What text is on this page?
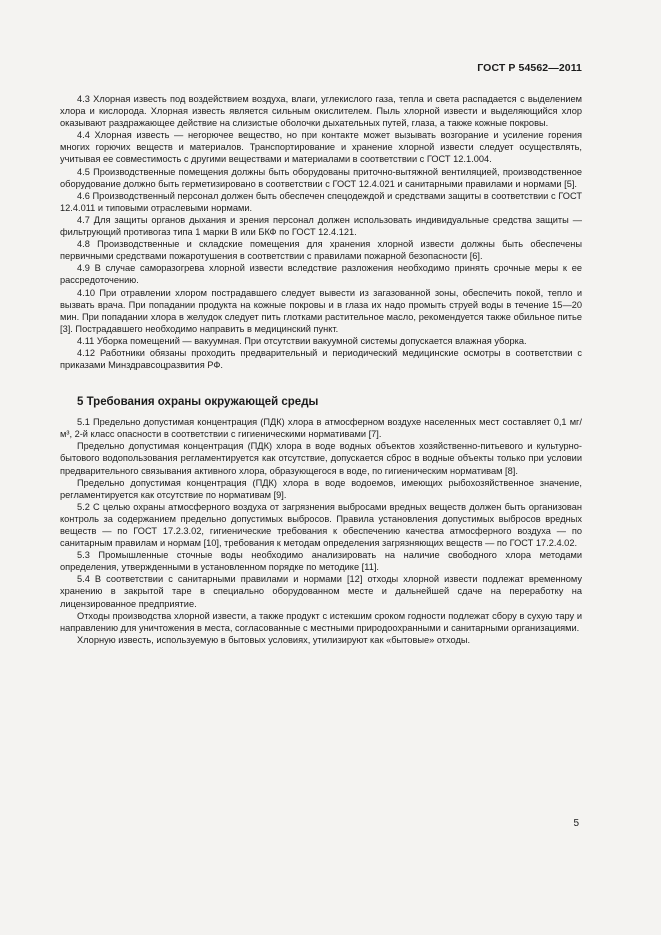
ГОСТ Р 54562—2011

4.3 Хлорная известь под воздействием воздуха, влаги, углекислого газа, тепла и света распадается с выделением хлора и кислорода. Хлорная известь является сильным окислителем. Пыль хлорной извести и выделяющийся хлор оказывают раздражающее действие на слизистые оболочки дыхательных путей, глаза, а также кожные покровы.

4.4 Хлорная известь — негорючее вещество, но при контакте может вызывать возгорание и усиление горения многих горючих веществ и материалов. Транспортирование и хранение хлорной извести следует осуществлять, учитывая ее совместимость с другими веществами и материалами в соответствии с ГОСТ 12.1.004.

4.5 Производственные помещения должны быть оборудованы приточно-вытяжной вентиляцией, производственное оборудование должно быть герметизировано в соответствии с ГОСТ 12.4.021 и санитарными правилами и нормами [5].

4.6 Производственный персонал должен быть обеспечен спецодеждой и средствами защиты в соответствии с ГОСТ 12.4.011 и типовыми отраслевыми нормами.

4.7 Для защиты органов дыхания и зрения персонал должен использовать индивидуальные средства защиты — фильтрующий противогаз типа 1 марки В или БКФ по ГОСТ 12.4.121.

4.8 Производственные и складские помещения для хранения хлорной извести должны быть обеспечены первичными средствами пожаротушения в соответствии с правилами пожарной безопасности [6].

4.9 В случае саморазогрева хлорной извести вследствие разложения необходимо принять срочные меры к ее рассредоточению.

4.10 При отравлении хлором пострадавшего следует вывести из загазованной зоны, обеспечить покой, тепло и вызвать врача. При попадании продукта на кожные покровы и в глаза их надо промыть струей воды в течение 15—20 мин. При попадании хлора в желудок следует пить глотками растительное масло, рекомендуется также обильное питье [3]. Пострадавшего необходимо направить в медицинский пункт.

4.11 Уборка помещений — вакуумная. При отсутствии вакуумной системы допускается влажная уборка.

4.12 Работники обязаны проходить предварительный и периодический медицинские осмотры в соответствии с приказами Минздравсоцразвития РФ.

5 Требования охраны окружающей среды

5.1 Предельно допустимая концентрация (ПДК) хлора в атмосферном воздухе населенных мест составляет 0,1 мг/м³, 2-й класс опасности в соответствии с гигиеническими нормативами [7].

Предельно допустимая концентрация (ПДК) хлора в воде водных объектов хозяйственно-питьевого и культурно-бытового водопользования регламентируется как отсутствие, допускается сброс в водные объекты только при условии предварительного связывания активного хлора, образующегося в воде, по гигиеническим нормативам [8].

Предельно допустимая концентрация (ПДК) хлора в воде водоемов, имеющих рыбохозяйственное значение, регламентируется как отсутствие по нормативам [9].

5.2 С целью охраны атмосферного воздуха от загрязнения выбросами вредных веществ должен быть организован контроль за содержанием предельно допустимых выбросов. Правила установления допустимых выбросов вредных веществ — по ГОСТ 17.2.3.02, гигиенические требования к обеспечению качества атмосферного воздуха — по санитарным правилам и нормам [10], требования к методам определения загрязняющих веществ — по ГОСТ 17.2.4.02.

5.3 Промышленные сточные воды необходимо анализировать на наличие свободного хлора методами определения, утвержденными в установленном порядке по методике [11].

5.4 В соответствии с санитарными правилами и нормами [12] отходы хлорной извести подлежат временному хранению в закрытой таре в специально оборудованном месте и дальнейшей сдаче на переработку на лицензированное предприятие.

Отходы производства хлорной извести, а также продукт с истекшим сроком годности подлежат сбору в сухую тару и направлению для уничтожения в места, согласованные с местными природоохранными и санитарными организациями.

Хлорную известь, используемую в бытовых условиях, утилизируют как «бытовые» отходы.

5
